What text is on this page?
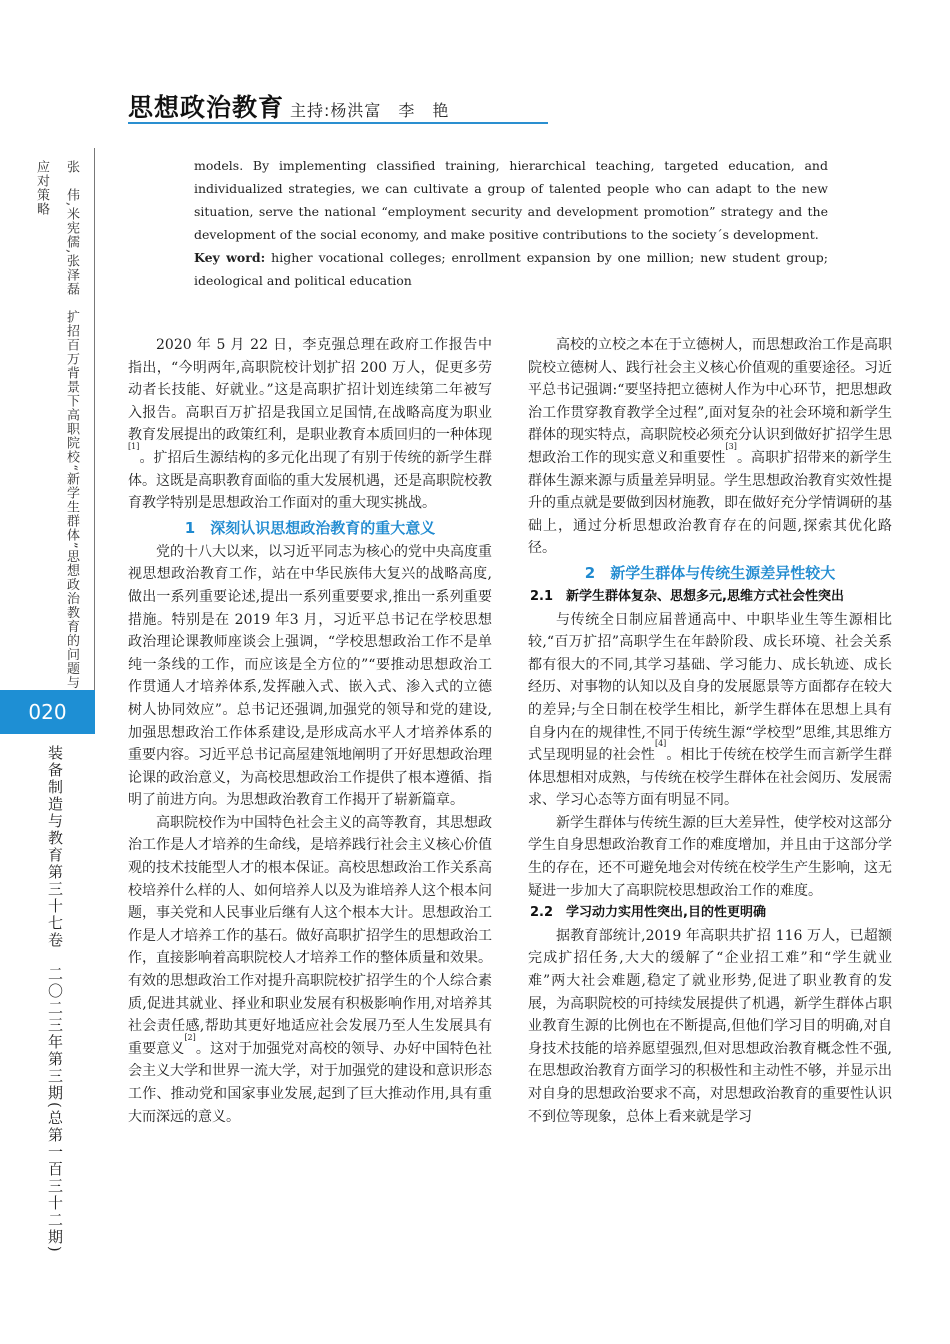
思想政治教育 主持:杨洪富　李　艳
张　伟,米宪儒,张泽磊　扩招百万背景下高职院校“新学生群体”思想政治教育的问题与应对策略
020
装备制造与教育第三十七卷　二〇二三年第三期(总第一百三十二期)

models. By implementing classified training, hierarchical teaching, targeted education, and individualized strategies, we can cultivate a group of talented people who can adapt to the new situation, serve the national “employment security and development promotion” strategy and the development of the social economy, and make positive contributions to the society´s development.

Key word: higher vocational colleges; enrollment expansion by one million; new student group; ideological and political education

2020 年 5 月 22 日，李克强总理在政府工作报告中指出，“今明两年,高职院校计划扩招 200 万人，促更多劳动者长技能、好就业。”这是高职扩招计划连续第二年被写入报告。高职百万扩招是我国立足国情,在战略高度为职业教育发展提出的政策红利，是职业教育本质回归的一种体现[1]。扩招后生源结构的多元化出现了有别于传统的新学生群体。这既是高职教育面临的重大发展机遇，还是高职院校教育教学特别是思想政治工作面对的重大现实挑战。

1　深刻认识思想政治教育的重大意义

党的十八大以来，以习近平同志为核心的党中央高度重视思想政治教育工作，站在中华民族伟大复兴的战略高度,做出一系列重要论述,提出一系列重要要求,推出一系列重要措施。特别是在 2019 年3 月，习近平总书记在学校思想政治理论课教师座谈会上强调，“学校思想政治工作不是单纯一条线的工作，而应该是全方位的”“要推动思想政治工作贯通人才培养体系,发挥融入式、嵌入式、渗入式的立德树人协同效应”。总书记还强调,加强党的领导和党的建设,加强思想政治工作体系建设,是形成高水平人才培养体系的重要内容。习近平总书记高屋建瓴地阐明了开好思想政治理论课的政治意义，为高校思想政治工作提供了根本遵循、指明了前进方向。为思想政治教育工作揭开了崭新篇章。

高职院校作为中国特色社会主义的高等教育，其思想政治工作是人才培养的生命线，是培养践行社会主义核心价值观的技术技能型人才的根本保证。高校思想政治工作关系高校培养什么样的人、如何培养人以及为谁培养人这个根本问题，事关党和人民事业后继有人这个根本大计。思想政治工作是人才培养工作的基石。做好高职扩招学生的思想政治工作，直接影响着高职院校人才培养工作的整体质量和效果。有效的思想政治工作对提升高职院校扩招学生的个人综合素质,促进其就业、择业和职业发展有积极影响作用,对培养其社会责任感,帮助其更好地适应社会发展乃至人生发展具有重要意义[2]。这对于加强党对高校的领导、办好中国特色社会主义大学和世界一流大学，对于加强党的建设和意识形态工作、推动党和国家事业发展,起到了巨大推动作用,具有重大而深远的意义。

高校的立校之本在于立德树人，而思想政治工作是高职院校立德树人、践行社会主义核心价值观的重要途径。习近平总书记强调:“要坚持把立德树人作为中心环节，把思想政治工作贯穿教育教学全过程”,面对复杂的社会环境和新学生群体的现实特点，高职院校必须充分认识到做好扩招学生思想政治工作的现实意义和重要性[3]。高职扩招带来的新学生群体生源来源与质量差异明显。学生思想政治教育实效性提升的重点就是要做到因材施教，即在做好充分学情调研的基础上，通过分析思想政治教育存在的问题,探索其优化路径。

2　新学生群体与传统生源差异性较大
2.1　新学生群体复杂、思想多元,思维方式社会性突出

与传统全日制应届普通高中、中职毕业生等生源相比较,“百万扩招”高职学生在年龄阶段、成长环境、社会关系都有很大的不同,其学习基础、学习能力、成长轨迹、成长经历、对事物的认知以及自身的发展愿景等方面都存在较大的差异;与全日制在校学生相比，新学生群体在思想上具有自身内在的规律性,不同于传统生源“学校型”思维,其思维方式呈现明显的社会性[4]。相比于传统在校学生而言新学生群体思想相对成熟，与传统在校学生群体在社会阅历、发展需求、学习心态等方面有明显不同。

新学生群体与传统生源的巨大差异性，使学校对这部分学生自身思想政治教育工作的难度增加，并且由于这部分学生的存在，还不可避免地会对传统在校学生产生影响，这无疑进一步加大了高职院校思想政治工作的难度。

2.2　学习动力实用性突出,目的性更明确

据教育部统计,2019 年高职共扩招 116 万人，已超额完成扩招任务,大大的缓解了“企业招工难”和“学生就业难”两大社会难题,稳定了就业形势,促进了职业教育的发展，为高职院校的可持续发展提供了机遇，新学生群体占职业教育生源的比例也在不断提高,但他们学习目的明确,对自身技术技能的培养愿望强烈,但对思想政治教育概念性不强,在思想政治教育方面学习的积极性和主动性不够，并显示出对自身的思想政治要求不高，对思想政治教育的重要性认识不到位等现象，总体上看来就是学习
